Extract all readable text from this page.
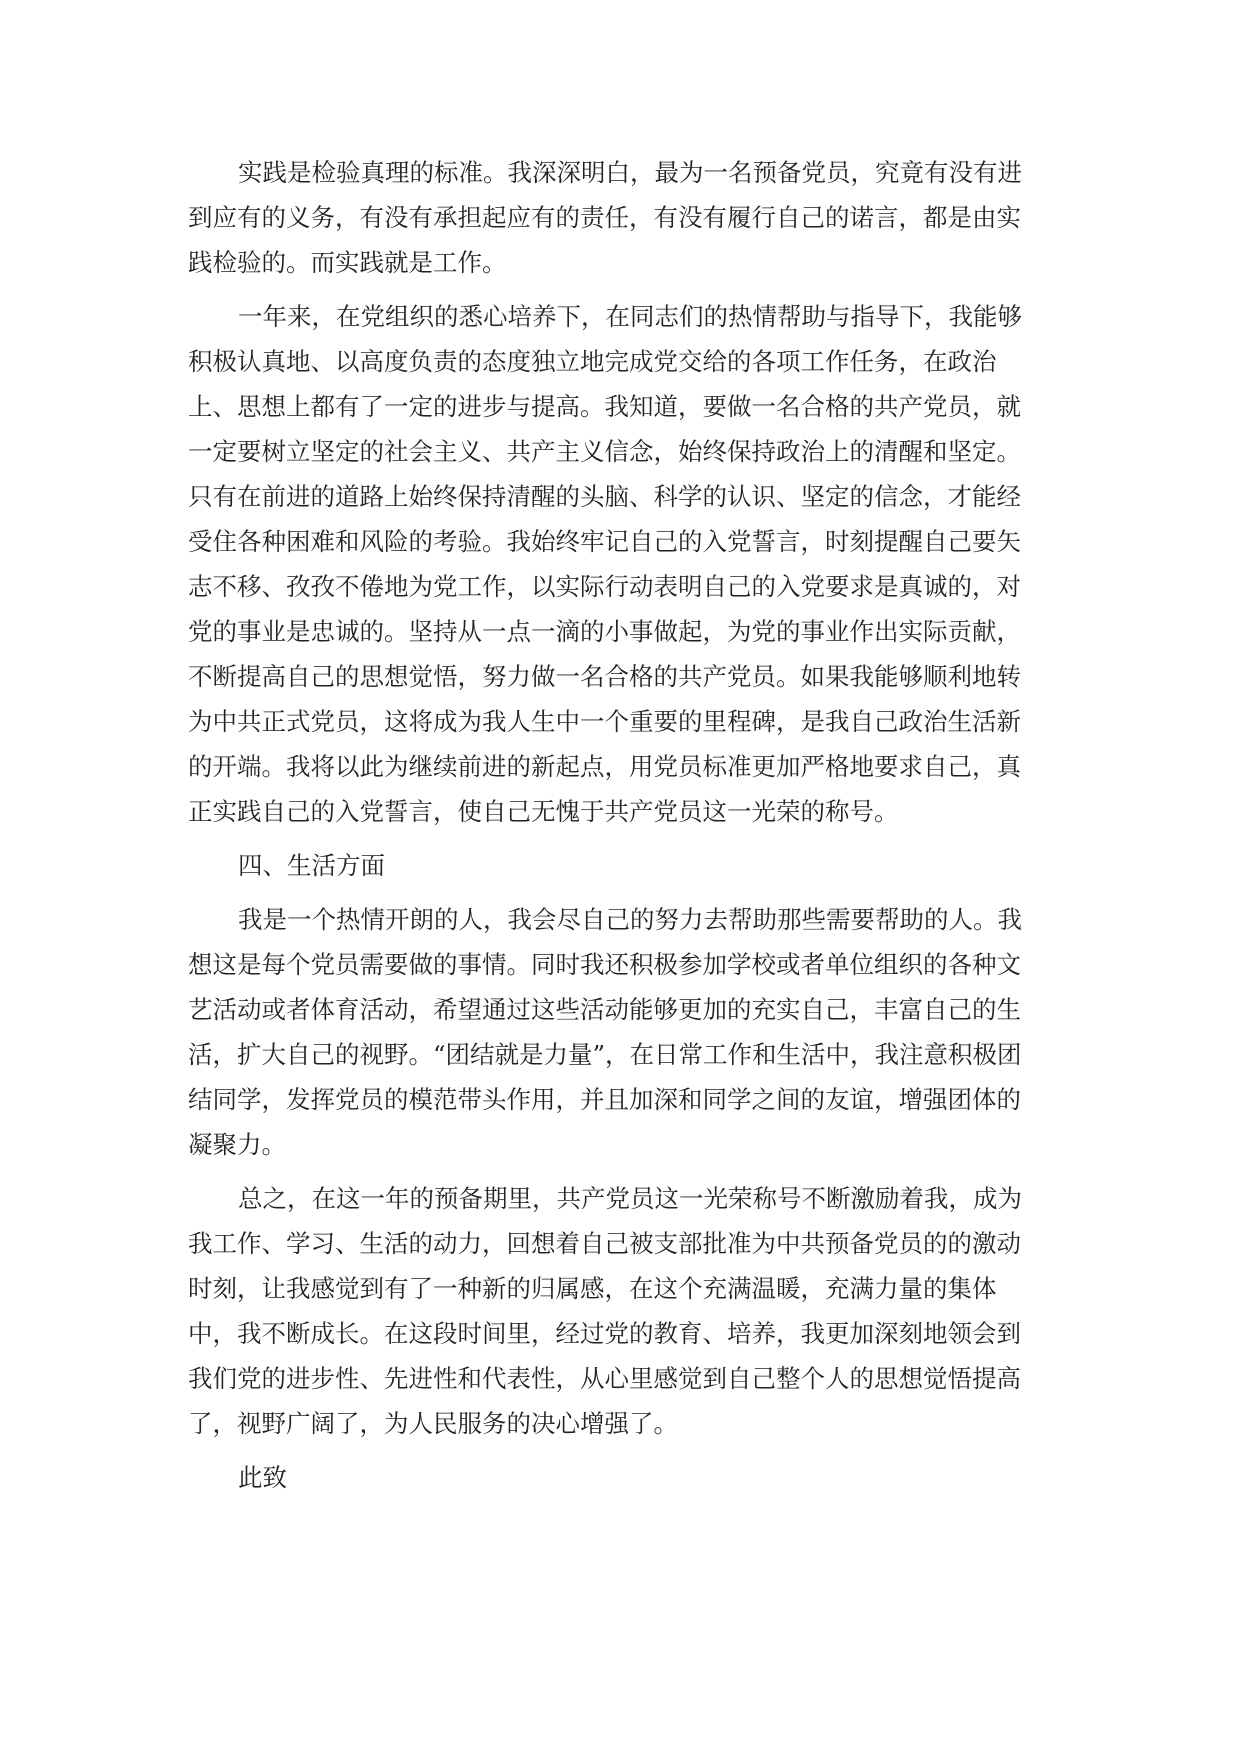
实践是检验真理的标准。我深深明白，最为一名预备党员，究竟有没有进
到应有的义务，有没有承担起应有的责任，有没有履行自己的诺言，都是由实
践检验的。而实践就是工作。
一年来，在党组织的悉心培养下，在同志们的热情帮助与指导下，我能够
积极认真地、以高度负责的态度独立地完成党交给的各项工作任务，在政治
上、思想上都有了一定的进步与提高。我知道，要做一名合格的共产党员，就
一定要树立坚定的社会主义、共产主义信念，始终保持政治上的清醒和坚定。
只有在前进的道路上始终保持清醒的头脑、科学的认识、坚定的信念，才能经
受住各种困难和风险的考验。我始终牢记自己的入党誓言，时刻提醒自己要矢
志不移、孜孜不倦地为党工作，以实际行动表明自己的入党要求是真诚的，对
党的事业是忠诚的。坚持从一点一滴的小事做起，为党的事业作出实际贡献，
不断提高自己的思想觉悟，努力做一名合格的共产党员。如果我能够顺利地转
为中共正式党员，这将成为我人生中一个重要的里程碑，是我自己政治生活新
的开端。我将以此为继续前进的新起点，用党员标准更加严格地要求自己，真
正实践自己的入党誓言，使自己无愧于共产党员这一光荣的称号。
四、生活方面
我是一个热情开朗的人，我会尽自己的努力去帮助那些需要帮助的人。我
想这是每个党员需要做的事情。同时我还积极参加学校或者单位组织的各种文
艺活动或者体育活动，希望通过这些活动能够更加的充实自己，丰富自己的生
活，扩大自己的视野。“团结就是力量”，在日常工作和生活中，我注意积极团
结同学，发挥党员的模范带头作用，并且加深和同学之间的友谊，增强团体的
凝聚力。
总之，在这一年的预备期里，共产党员这一光荣称号不断激励着我，成为
我工作、学习、生活的动力，回想着自己被支部批准为中共预备党员的的激动
时刻，让我感觉到有了一种新的归属感，在这个充满温暖，充满力量的集体
中，我不断成长。在这段时间里，经过党的教育、培养，我更加深刻地领会到
我们党的进步性、先进性和代表性，从心里感觉到自己整个人的思想觉悟提高
了，视野广阔了，为人民服务的决心增强了。
此致
